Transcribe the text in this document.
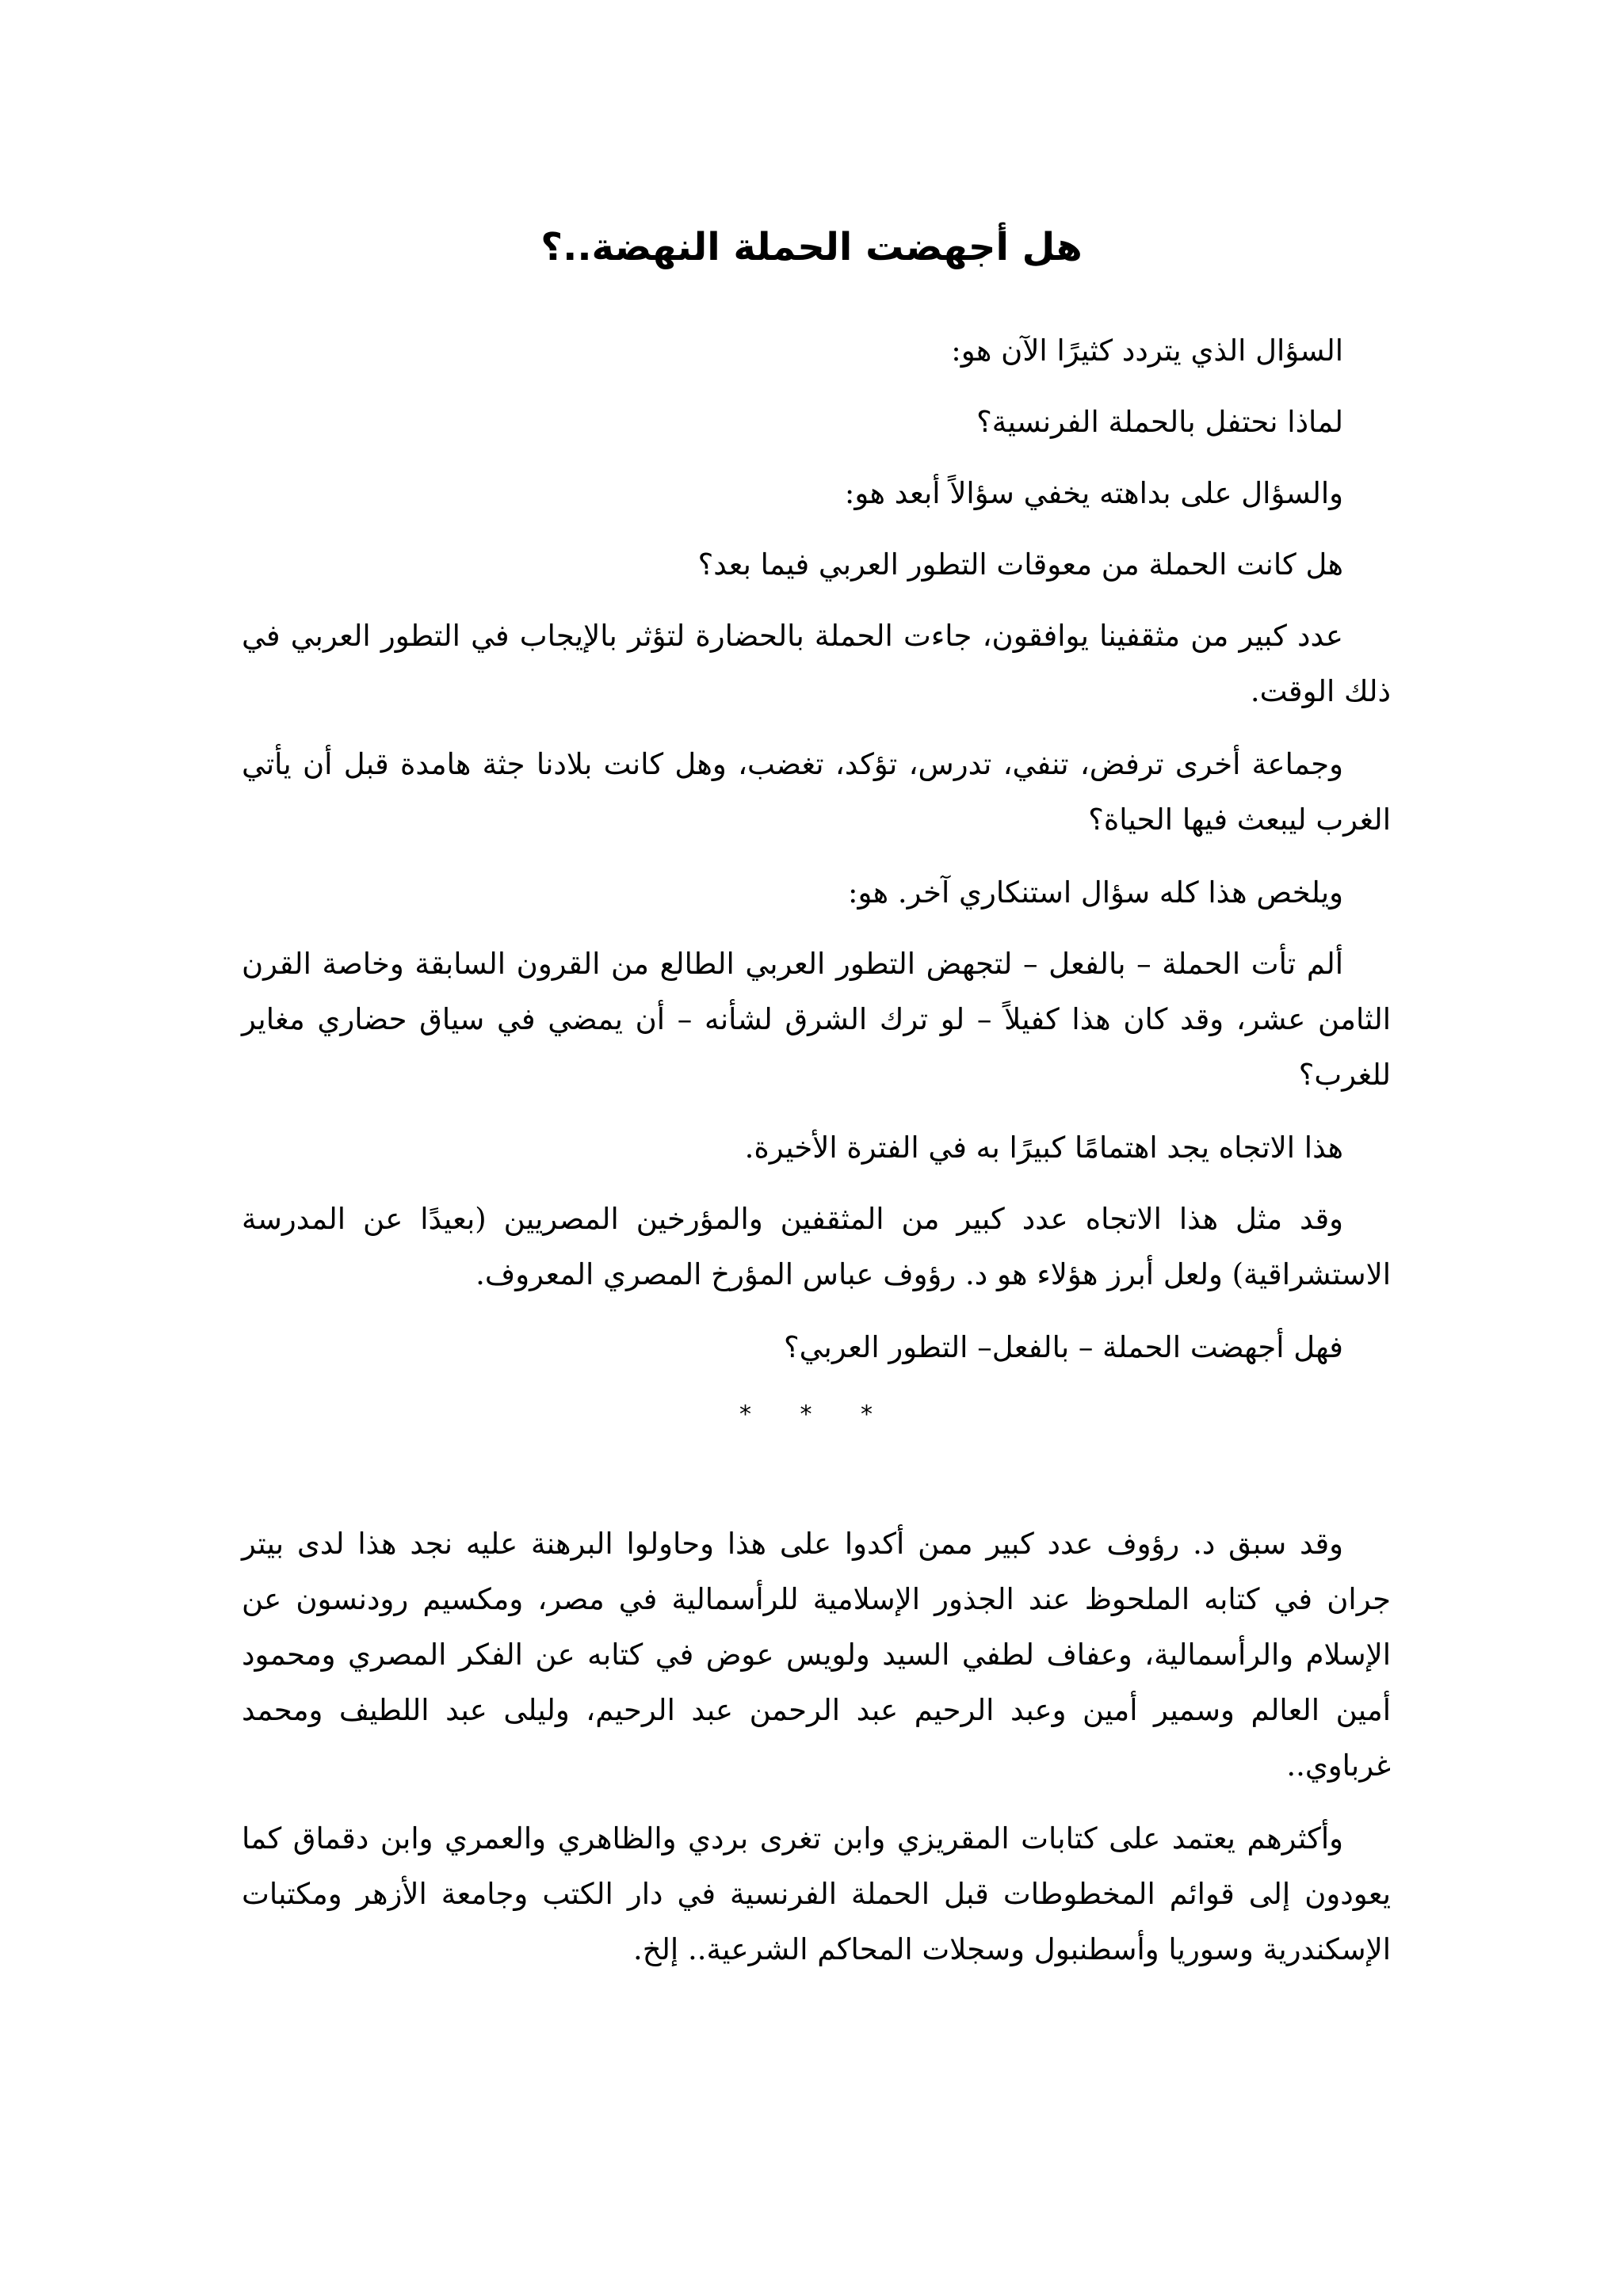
هل أجهضت الحملة النهضة..؟

السؤال الذي يتردد كثيرًا الآن هو:

لماذا نحتفل بالحملة الفرنسية؟

والسؤال على بداهته يخفي سؤالاً أبعد هو:

هل كانت الحملة من معوقات التطور العربي فيما بعد؟

عدد كبير من مثقفينا يوافقون، جاءت الحملة بالحضارة لتؤثر بالإيجاب في التطور العربي في ذلك الوقت.

وجماعة أخرى ترفض، تنفي، تدرس، تؤكد، تغضب، وهل كانت بلادنا جثة هامدة قبل أن يأتي الغرب ليبعث فيها الحياة؟

ويلخص هذا كله سؤال استنكاري آخر. هو:

ألم تأت الحملة – بالفعل – لتجهض التطور العربي الطالع من القرون السابقة وخاصة القرن الثامن عشر، وقد كان هذا كفيلاً – لو ترك الشرق لشأنه – أن يمضي في سياق حضاري مغاير للغرب؟

هذا الاتجاه يجد اهتمامًا كبيرًا به في الفترة الأخيرة.

وقد مثل هذا الاتجاه عدد كبير من المثقفين والمؤرخين المصريين (بعيدًا عن المدرسة الاستشراقية) ولعل أبرز هؤلاء هو د. رؤوف عباس المؤرخ المصري المعروف.

فهل أجهضت الحملة – بالفعل– التطور العربي؟

* * *

وقد سبق د. رؤوف عدد كبير ممن أكدوا على هذا وحاولوا البرهنة عليه نجد هذا لدى بيتر جران في كتابه الملحوظ عند الجذور الإسلامية للرأسمالية في مصر، ومكسيم رودنسون عن الإسلام والرأسمالية، وعفاف لطفي السيد ولويس عوض في كتابه عن الفكر المصري ومحمود أمين العالم وسمير أمين وعبد الرحيم عبد الرحمن عبد الرحيم، وليلى عبد اللطيف ومحمد غرباوي..

وأكثرهم يعتمد على كتابات المقريزي وابن تغرى بردي والظاهري والعمري وابن دقماق كما يعودون إلى قوائم المخطوطات قبل الحملة الفرنسية في دار الكتب وجامعة الأزهر ومكتبات الإسكندرية وسوريا وأسطنبول وسجلات المحاكم الشرعية.. إلخ.
